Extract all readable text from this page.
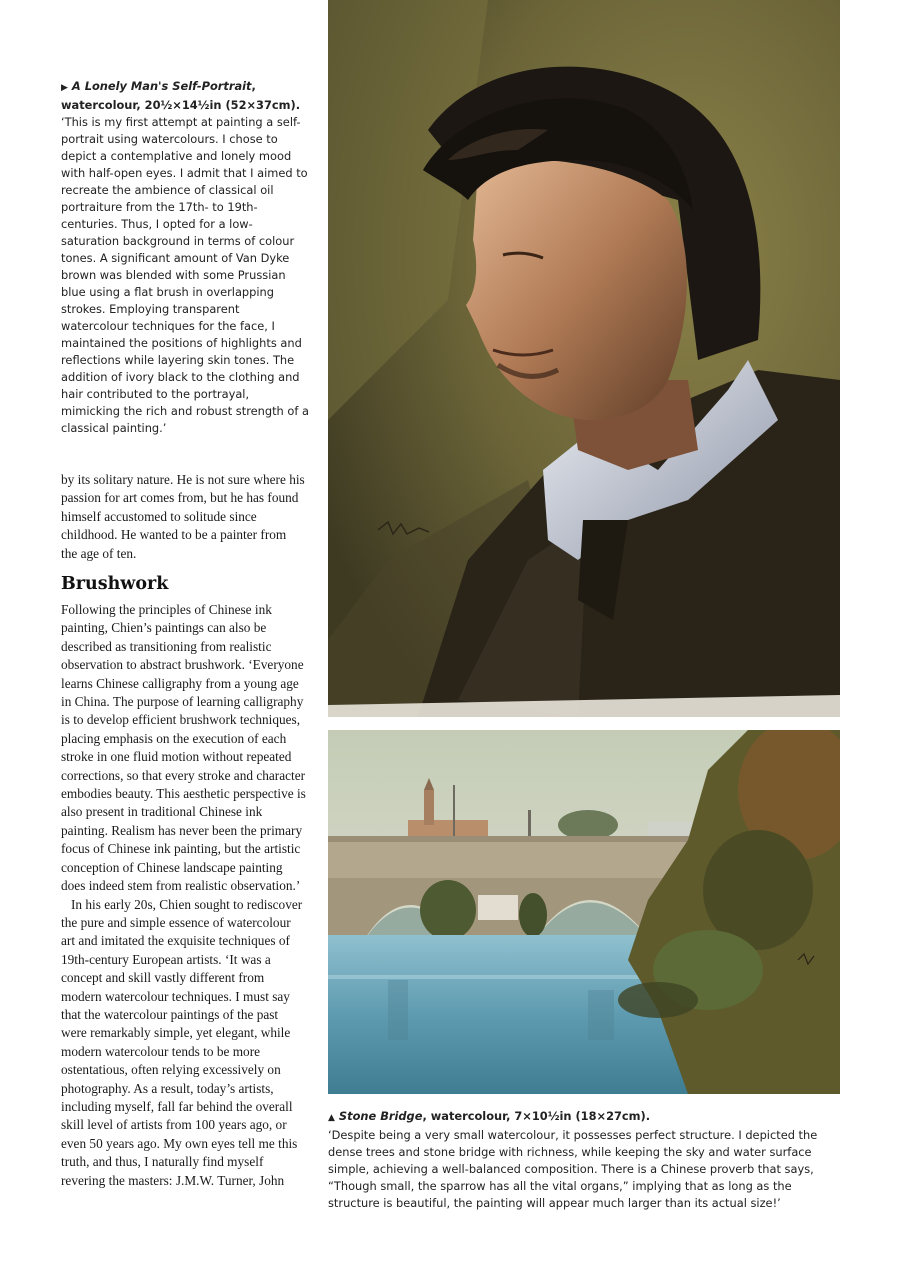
▶ A Lonely Man's Self-Portrait, watercolour, 20½×14½in (52×37cm).
‘This is my first attempt at painting a self-portrait using watercolours. I chose to depict a contemplative and lonely mood with half-open eyes. I admit that I aimed to recreate the ambience of classical oil portraiture from the 17th- to 19th-centuries. Thus, I opted for a low-saturation background in terms of colour tones. A significant amount of Van Dyke brown was blended with some Prussian blue using a flat brush in overlapping strokes. Employing transparent watercolour techniques for the face, I maintained the positions of highlights and reflections while layering skin tones. The addition of ivory black to the clothing and hair contributed to the portrayal, mimicking the rich and robust strength of a classical painting.’
by its solitary nature. He is not sure where his passion for art comes from, but he has found himself accustomed to solitude since childhood. He wanted to be a painter from the age of ten.
Brushwork

Following the principles of Chinese ink painting, Chien’s paintings can also be described as transitioning from realistic observation to abstract brushwork. ‘Everyone learns Chinese calligraphy from a young age in China. The purpose of learning calligraphy is to develop efficient brushwork techniques, placing emphasis on the execution of each stroke in one fluid motion without repeated corrections, so that every stroke and character embodies beauty. This aesthetic perspective is also present in traditional Chinese ink painting. Realism has never been the primary focus of Chinese ink painting, but the artistic conception of Chinese landscape painting does indeed stem from realistic observation.’

In his early 20s, Chien sought to rediscover the pure and simple essence of watercolour art and imitated the exquisite techniques of 19th-century European artists. ‘It was a concept and skill vastly different from modern watercolour techniques. I must say that the watercolour paintings of the past were remarkably simple, yet elegant, while modern watercolour tends to be more ostentatious, often relying excessively on photography. As a result, today’s artists, including myself, fall far behind the overall skill level of artists from 100 years ago, or even 50 years ago. My own eyes tell me this truth, and thus, I naturally find myself revering the masters: J.M.W. Turner, John

▲ Stone Bridge, watercolour, 7×10½in (18×27cm).
‘Despite being a very small watercolour, it possesses perfect structure. I depicted the dense trees and stone bridge with richness, while keeping the sky and water surface simple, achieving a well-balanced composition. There is a Chinese proverb that says, “Though small, the sparrow has all the vital organs,” implying that as long as the structure is beautiful, the painting will appear much larger than its actual size!’
